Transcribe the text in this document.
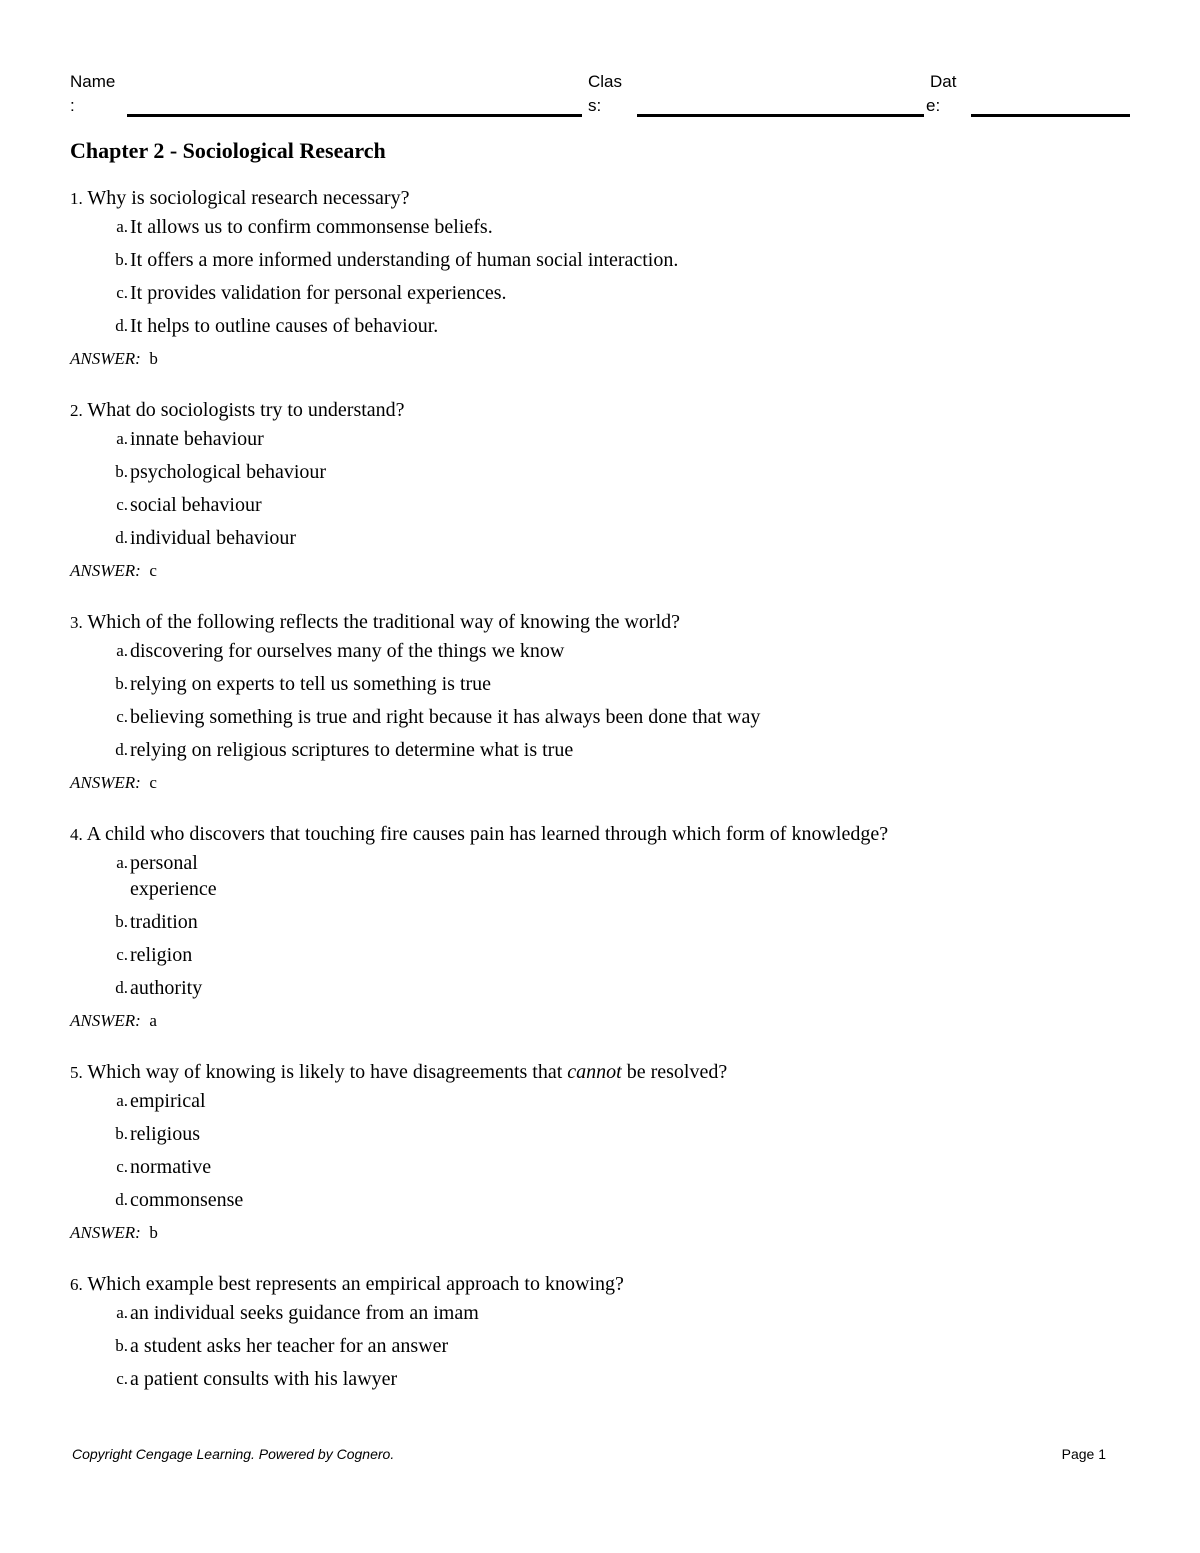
Name
:
Clas
s:
Dat
e:
Chapter 2 - Sociological Research
1. Why is sociological research necessary?
a. It allows us to confirm commonsense beliefs.
b. It offers a more informed understanding of human social interaction.
c. It provides validation for personal experiences.
d. It helps to outline causes of behaviour.
ANSWER: b
2. What do sociologists try to understand?
a. innate behaviour
b. psychological behaviour
c. social behaviour
d. individual behaviour
ANSWER: c
3. Which of the following reflects the traditional way of knowing the world?
a. discovering for ourselves many of the things we know
b. relying on experts to tell us something is true
c. believing something is true and right because it has always been done that way
d. relying on religious scriptures to determine what is true
ANSWER: c
4. A child who discovers that touching fire causes pain has learned through which form of knowledge?
a. personal experience
b. tradition
c. religion
d. authority
ANSWER: a
5. Which way of knowing is likely to have disagreements that cannot be resolved?
a. empirical
b. religious
c. normative
d. commonsense
ANSWER: b
6. Which example best represents an empirical approach to knowing?
a. an individual seeks guidance from an imam
b. a student asks her teacher for an answer
c. a patient consults with his lawyer
Copyright Cengage Learning. Powered by Cognero.	Page 1
